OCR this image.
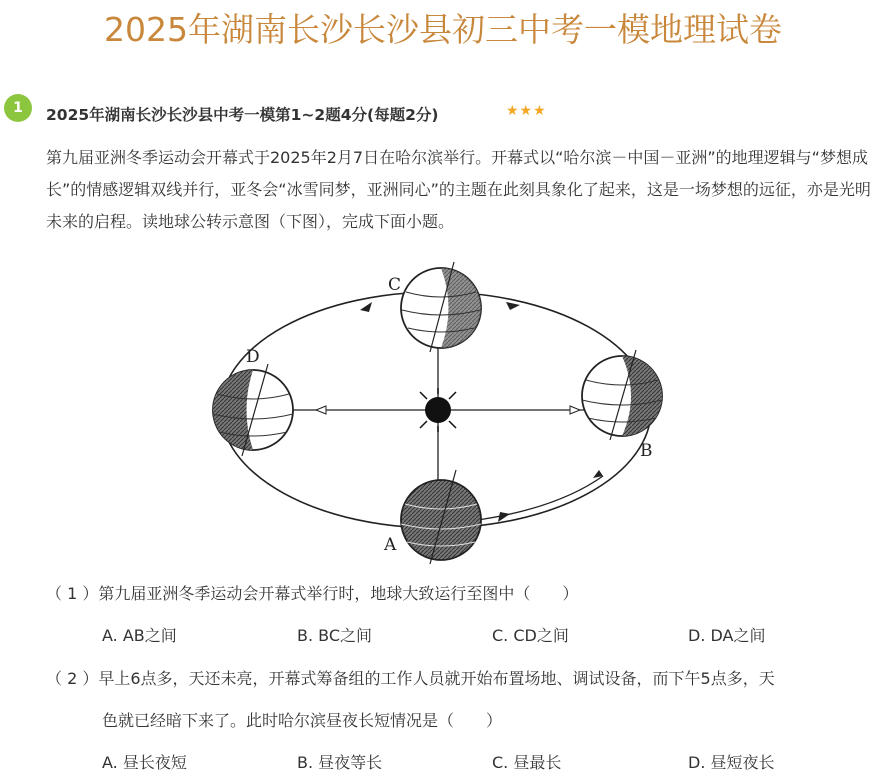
2025年湖南长沙长沙县初三中考一模地理试卷
1	2025年湖南长沙长沙县中考一模第1~2题4分(每题2分)	★★★
第九届亚洲冬季运动会开幕式于2025年2月7日在哈尔滨举行。开幕式以“哈尔滨－中国－亚洲”的地理逻辑与“梦想成长”的情感逻辑双线并行，亚冬会“冰雪同梦，亚洲同心”的主题在此刻具象化了起来，这是一场梦想的远征，亦是光明未来的启程。读地球公转示意图（下图），完成下面小题。
C
D
B
A
（ 1 ）第九届亚洲冬季运动会开幕式举行时，地球大致运行至图中（　　）
A. AB之间	B. BC之间	C. CD之间	D. DA之间
（ 2 ）早上6点多，天还未亮，开幕式筹备组的工作人员就开始布置场地、调试设备，而下午5点多，天
色就已经暗下来了。此时哈尔滨昼夜长短情况是（　　）
A. 昼长夜短	B. 昼夜等长	C. 昼最长	D. 昼短夜长
